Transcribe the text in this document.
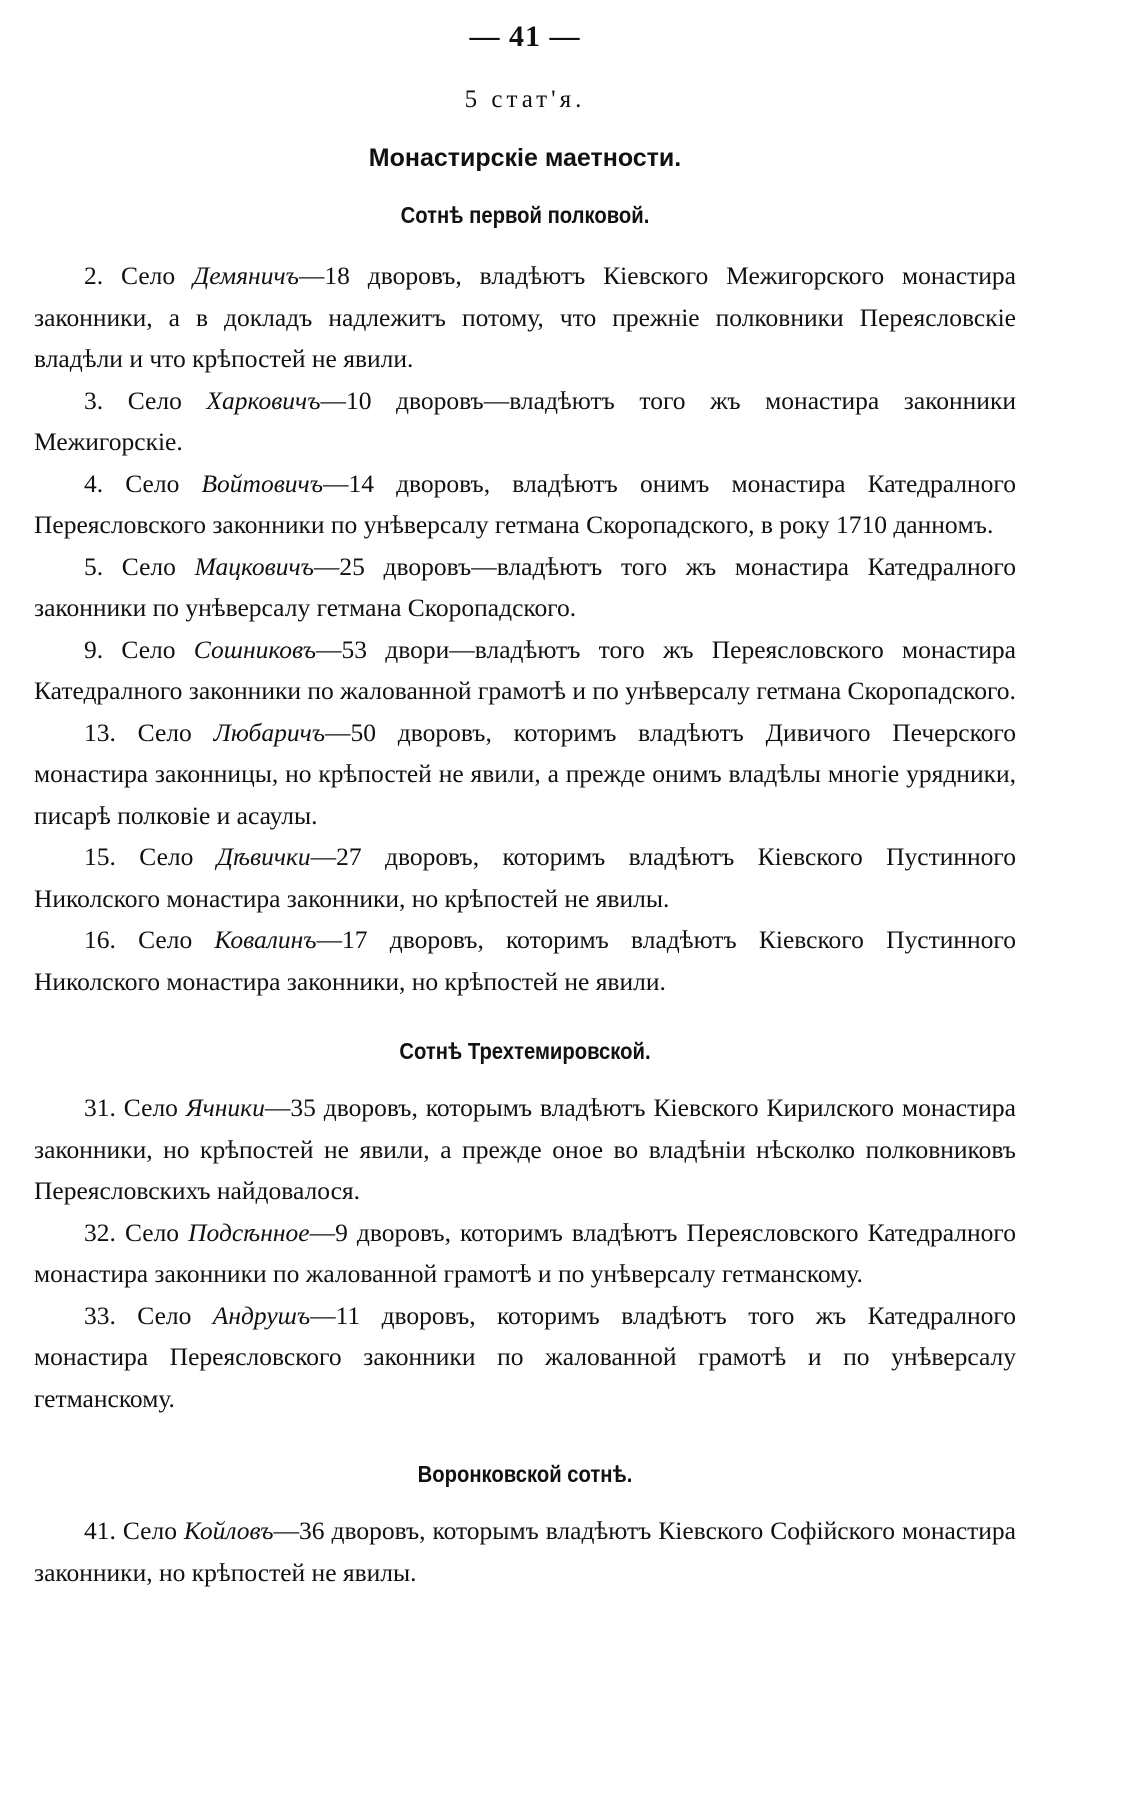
— 41 —
5 стат'я.
Монастирскіе маетности.
Сотнѣ первой полковой.

2. Село Демяничъ—18 дворовъ, владѣютъ Кіевского Межигорского монастира законники, а в докладъ надлежитъ потому, что прежніе полковники Переясловскіе владѣли и что крѣпостей не явили.

3. Село Харковичъ—10 дворовъ—владѣютъ того жъ монастира законники Межигорскіе.

4. Село Войтовичъ—14 дворовъ, владѣютъ онимъ монастира Катедралного Переясловского законники по унѣверсалу гетмана Скоропадского, в року 1710 даннoмъ.

5. Село Мацковичъ—25 дворовъ—владѣютъ того жъ монастира Катедралного законники по унѣверсалу гетмана Скоропадского.

9. Село Сошниковъ—53 двори—владѣютъ того жъ Переясловского монастира Катедралного законники по жалованной грамотѣ и по унѣверсалу гетмана Скоропадского.

13. Село Любаричъ—50 дворовъ, которимъ владѣютъ Дивичого Печерского монастира законницы, но крѣпостей не явили, а прежде онимъ владѣлы многіе урядники, писарѣ полковіе и асаулы.

15. Село Дѣвички—27 дворовъ, которимъ владѣютъ Кіевского Пустинного Николского монастира законники, но крѣпостей не явилы.

16. Село Ковалинъ—17 дворовъ, которимъ владѣютъ Кіевского Пустинного Николского монастира законники, но крѣпостей не явили.

Сотнѣ Трехтемировской.

31. Село Ячники—35 дворовъ, которымъ владѣютъ Кіевского Кирилского монастира законники, но крѣпостей не явили, а прежде оное во владѣніи нѣсколко полковниковъ Переясловскихъ найдовалося.

32. Село Подсѣнное—9 дворовъ, которимъ владѣютъ Переясловского Катедралного монастира законники по жалованной грамотѣ и по унѣверсалу гетманскому.

33. Село Андрушъ—11 дворовъ, которимъ владѣютъ того жъ Катедралного монастира Переясловского законники по жалованной грамотѣ и по унѣверсалу гетманскому.

Воронковской сотнѣ.

41. Село Койловъ—36 дворовъ, которымъ владѣютъ Кіевского Софійского монастира законники, но крѣпостей не явилы.
